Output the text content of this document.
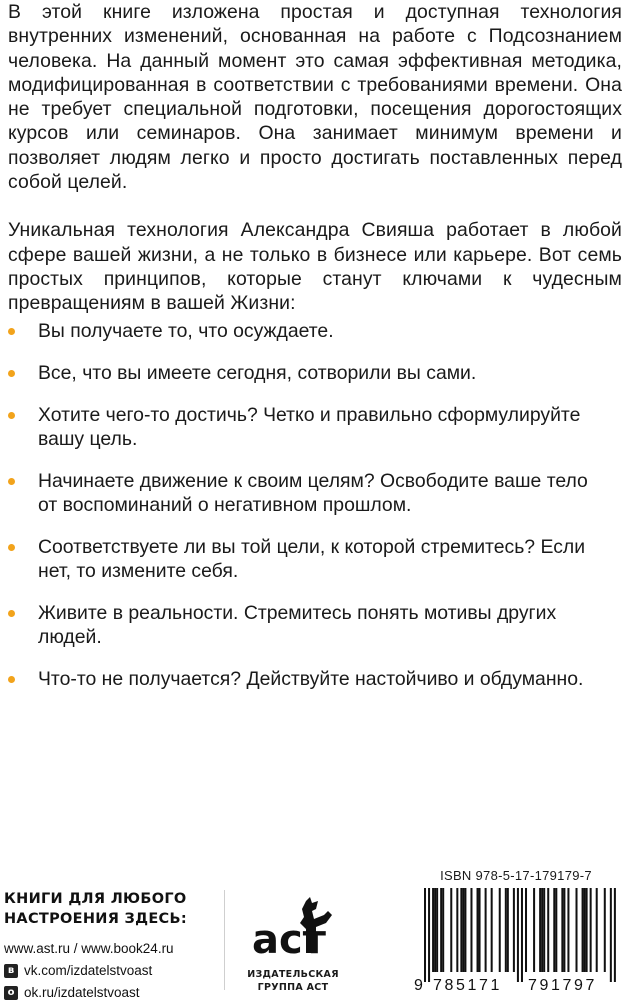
В этой книге изложена простая и доступная технология внутренних изменений, основанная на работе с Подсознанием человека. На данный момент это самая эффективная методика, модифицированная в соответствии с требованиями времени. Она не требует специальной подготовки, посещения дорогостоящих курсов или семинаров. Она занимает минимум времени и позволяет людям легко и просто достигать поставленных перед собой целей.

Уникальная технология Александра Свияша работает в любой сфере вашей жизни, а не только в бизнесе или карьере. Вот семь простых принципов, которые станут ключами к чудесным превращениям в вашей Жизни:

Вы получаете то, что осуждаете.
Все, что вы имеете сегодня, сотворили вы сами.
Хотите чего-то достичь? Четко и правильно сформулируйте вашу цель.
Начинаете движение к своим целям? Освободите ваше тело от воспоминаний о негативном прошлом.
Соответствуете ли вы той цели, к которой стремитесь? Если нет, то измените себя.
Живите в реальности. Стремитесь понять мотивы других людей.
Что-то не получается? Действуйте настойчиво и обдуманно.
КНИГИ ДЛЯ ЛЮБОГО
НАСТРОЕНИЯ ЗДЕСЬ:
www.ast.ru / www.book24.ru
в vk.com/izdatelstvoast
о ok.ru/izdatelstvoast
аст
ИЗДАТЕЛЬСКАЯ
ГРУППА АСТ
ISBN 978-5-17-179179-7
9 785171 791797
